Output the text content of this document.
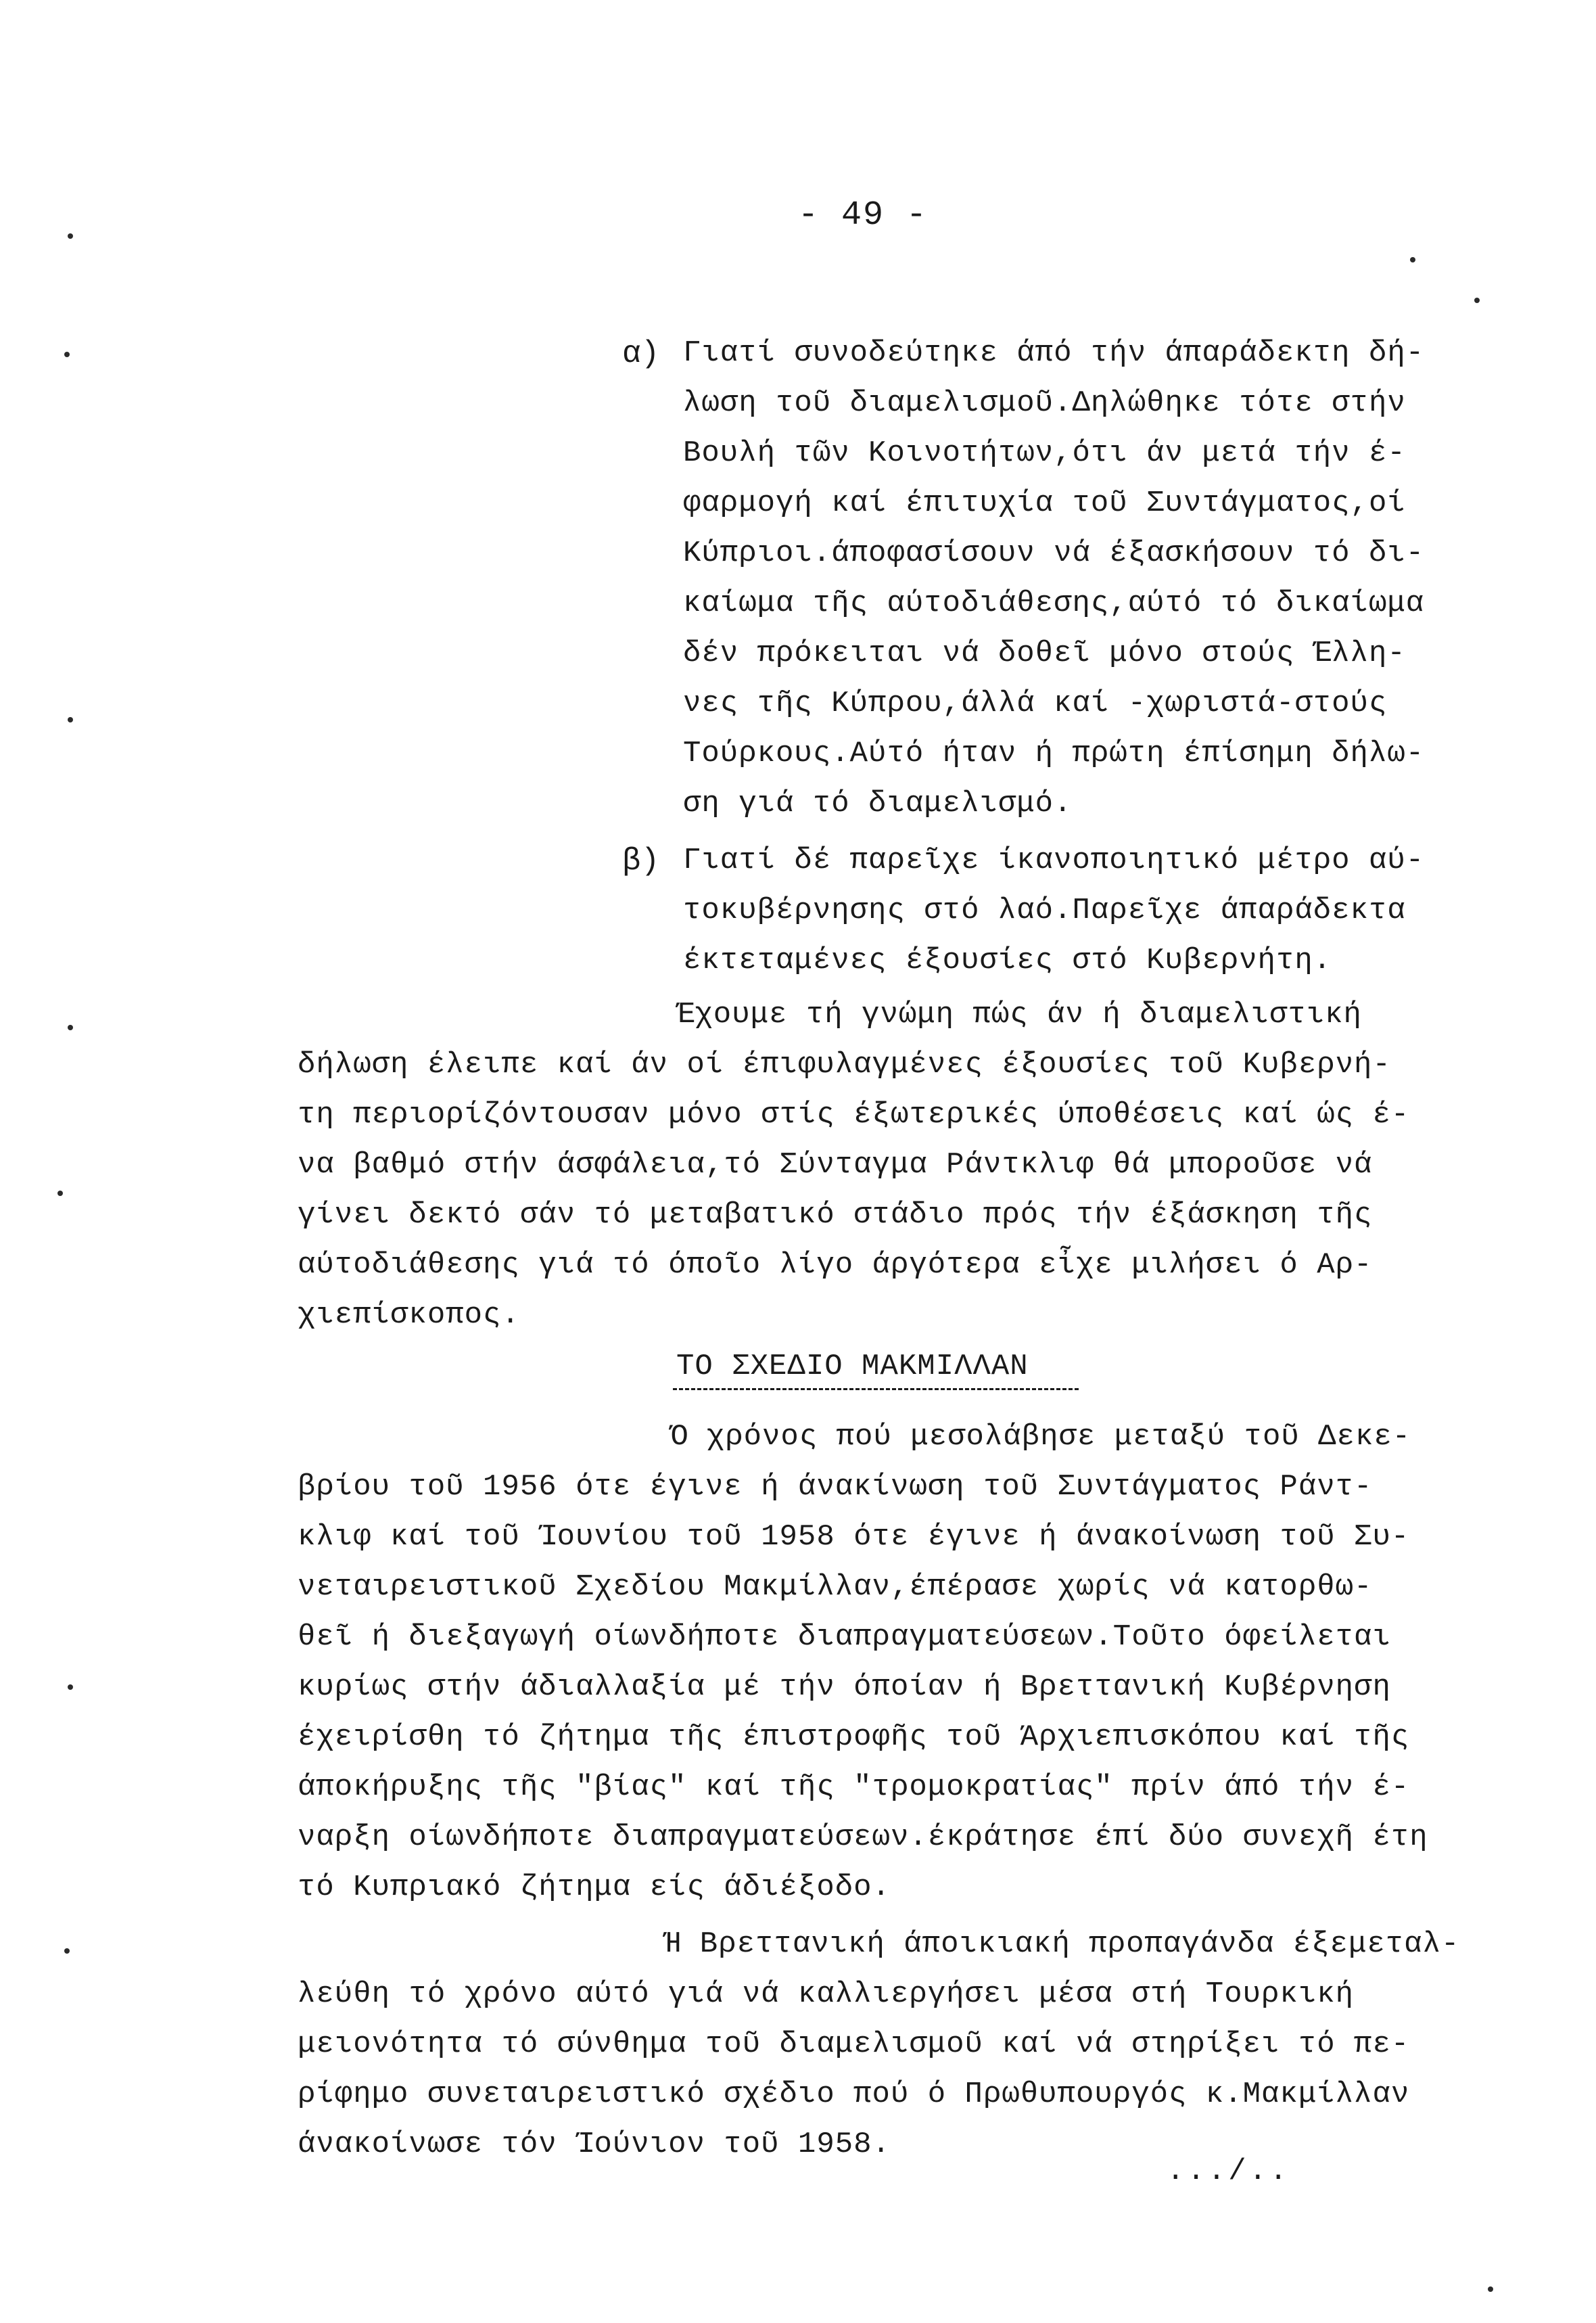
- 49 -
α) Γιατί συνοδεύτηκε άπό τήν άπαράδεκτη δή-
λωση τοῦ διαμελισμοῦ.Δηλώθηκε τότε στήν
Βουλή τῶν Κοινοτήτων,ότι άν μετά τήν έ-
φαρμογή καί έπιτυχία τοῦ Συντάγματος,οί
Κύπριοι.άποφασίσουν νά έξασκήσουν τό δι-
καίωμα τῆς αύτοδιάθεσης,αύτό τό δικαίωμα
δέν πρόκειται νά δοθεῖ μόνο στούς Έλλη-
νες τῆς Κύπρου,άλλά καί -χωριστά-στούς
Τούρκους.Αύτό ήταν ή πρώτη έπίσημη δήλω-
ση γιά τό διαμελισμό.
β) Γιατί δέ παρεῖχε ίκανοποιητικό μέτρο αύ-
τοκυβέρνησης στό λαό.Παρεῖχε άπαράδεκτα
έκτεταμένες έξουσίες στό Κυβερνήτη.
Έχουμε τή γνώμη πώς άν ή διαμελιστική
δήλωση έλειπε καί άν οί έπιφυλαγμένες έξουσίες τοῦ Κυβερνή-
τη περιορίζόντουσαν μόνο στίς έξωτερικές ύποθέσεις καί ώς έ-
να βαθμό στήν άσφάλεια,τό Σύνταγμα Ράντκλιφ θά μποροῦσε νά
γίνει δεκτό σάν τό μεταβατικό στάδιο πρός τήν έξάσκηση τῆς
αύτοδιάθεσης γιά τό όποῖο λίγο άργότερα εἶχε μιλήσει ό Αρ-
χιεπίσκοπος.
ΤΟ ΣΧΕΔΙΟ ΜΑΚΜΙΛΛΑΝ
Ό χρόνος πού μεσολάβησε μεταξύ τοῦ Δεκε-
βρίου τοῦ 1956 ότε έγινε ή άνακίνωση τοῦ Συντάγματος Ράντ-
κλιφ καί τοῦ Ίουνίου τοῦ 1958 ότε έγινε ή άνακοίνωση τοῦ Συ-
νεταιρειστικοῦ Σχεδίου Μακμίλλαν,έπέρασε χωρίς νά κατορθω-
θεῖ ή διεξαγωγή οίωνδήποτε διαπραγματεύσεων.Τοῦτο όφείλεται
κυρίως στήν άδιαλλαξία μέ τήν όποίαν ή Βρεττανική Κυβέρνηση
έχειρίσθη τό ζήτημα τῆς έπιστροφῆς τοῦ Άρχιεπισκόπου καί τῆς
άποκήρυξης τῆς "βίας" καί τῆς "τρομοκρατίας" πρίν άπό τήν έ-
ναρξη οίωνδήποτε διαπραγματεύσεων.έκράτησε έπί δύο συνεχῆ έτη
τό Κυπριακό ζήτημα είς άδιέξοδο.
Ή Βρεττανική άποικιακή προπαγάνδα έξεμεταλ-
λεύθη τό χρόνο αύτό γιά νά καλλιεργήσει μέσα στή Τουρκική
μειονότητα τό σύνθημα τοῦ διαμελισμοῦ καί νά στηρίξει τό πε-
ρίφημο συνεταιρειστικό σχέδιο πού ό Πρωθυπουργός κ.Μακμίλλαν
άνακοίνωσε τόν Ίούνιον τοῦ 1958.
.../..
